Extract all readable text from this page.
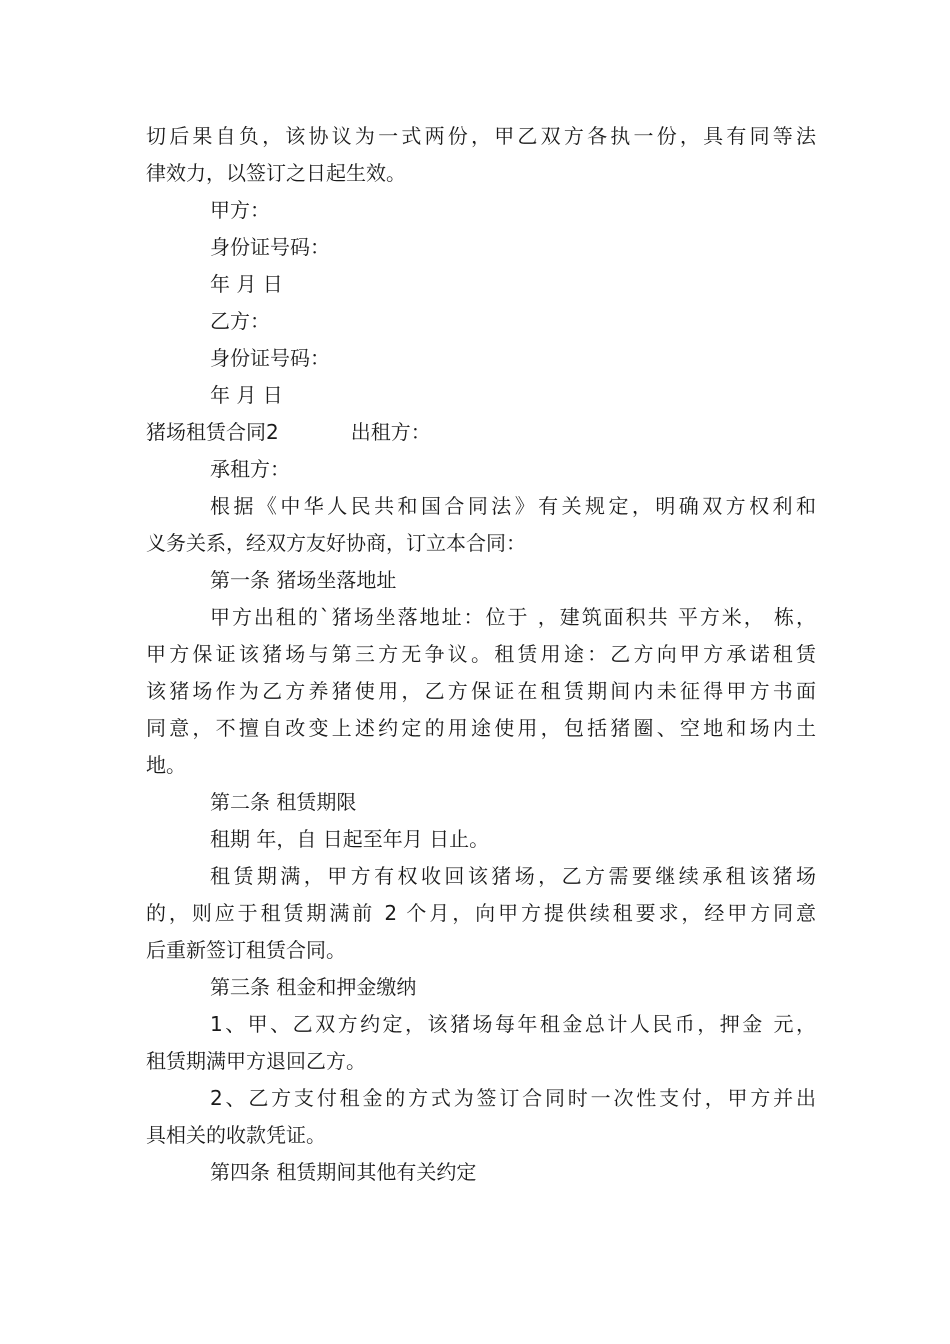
切后果自负，该协议为一式两份，甲乙双方各执一份，具有同等法
律效力，以签订之日起生效。
甲方：
身份证号码：
年 月 日
乙方：
身份证号码：
年 月 日
猪场租赁合同2	出租方：
承租方：
根据《中华人民共和国合同法》有关规定，明确双方权利和
义务关系，经双方友好协商，订立本合同：
第一条 猪场坐落地址
甲方出租的`猪场坐落地址：位于 ，建筑面积共 平方米， 栋，
甲方保证该猪场与第三方无争议。租赁用途：乙方向甲方承诺租赁
该猪场作为乙方养猪使用，乙方保证在租赁期间内未征得甲方书面
同意，不擅自改变上述约定的用途使用，包括猪圈、空地和场内土
地。
第二条 租赁期限
租期 年，自 日起至年月 日止。
租赁期满，甲方有权收回该猪场，乙方需要继续承租该猪场
的，则应于租赁期满前 2 个月，向甲方提供续租要求，经甲方同意
后重新签订租赁合同。
第三条 租金和押金缴纳
1、甲、乙双方约定，该猪场每年租金总计人民币，押金 元，
租赁期满甲方退回乙方。
2、乙方支付租金的方式为签订合同时一次性支付，甲方并出
具相关的收款凭证。
第四条 租赁期间其他有关约定
